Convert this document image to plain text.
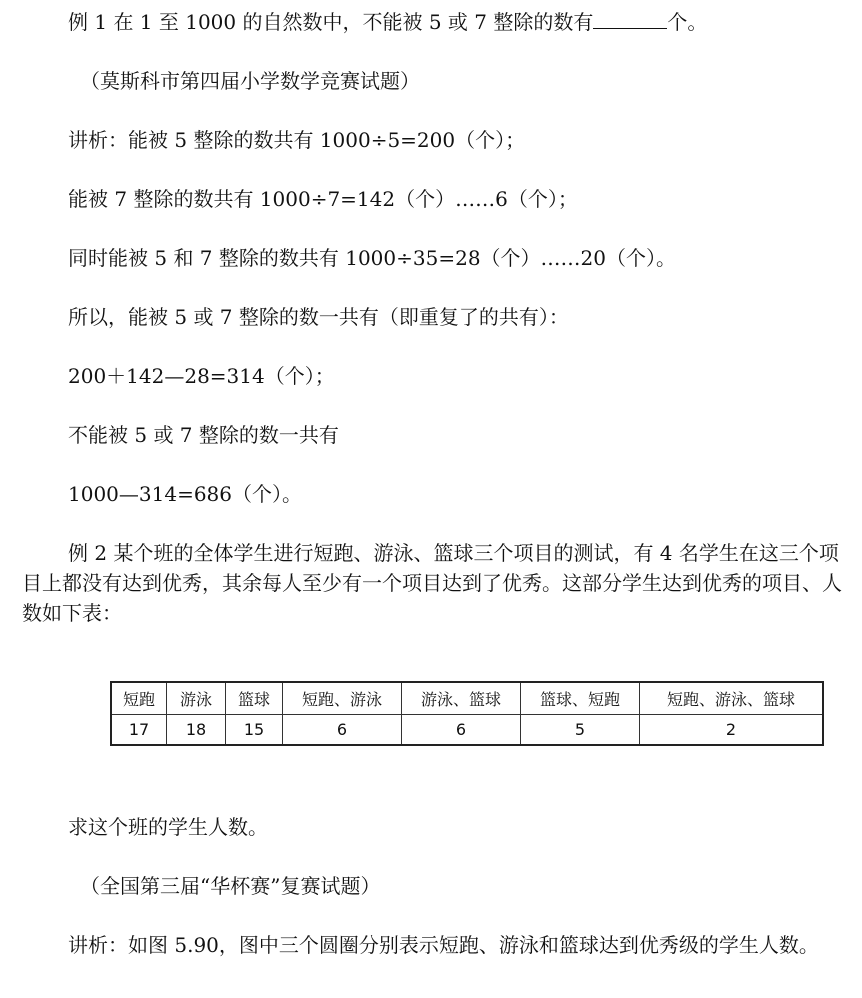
例 1 在 1 至 1000 的自然数中，不能被 5 或 7 整除的数有	个。
（莫斯科市第四届小学数学竞赛试题）
讲析：能被 5 整除的数共有 1000÷5=200（个）；
能被 7 整除的数共有 1000÷7=142（个）……6（个）；
同时能被 5 和 7 整除的数共有 1000÷35=28（个）……20（个）。
所以，能被 5 或 7 整除的数一共有（即重复了的共有）：
200＋142—28=314（个）；
不能被 5 或 7 整除的数一共有
1000—314=686（个）。
例 2 某个班的全体学生进行短跑、游泳、篮球三个项目的测试，有 4 名学生在这三个项目上都没有达到优秀，其余每人至少有一个项目达到了优秀。这部分学生达到优秀的项目、人数如下表：
短跑	游泳	篮球	短跑、游泳	游泳、篮球	篮球、短跑	短跑、游泳、篮球
17	18	15	6	6	5	2
求这个班的学生人数。
（全国第三届“华杯赛”复赛试题）
讲析：如图 5.90，图中三个圆圈分别表示短跑、游泳和篮球达到优秀级的学生人数。
